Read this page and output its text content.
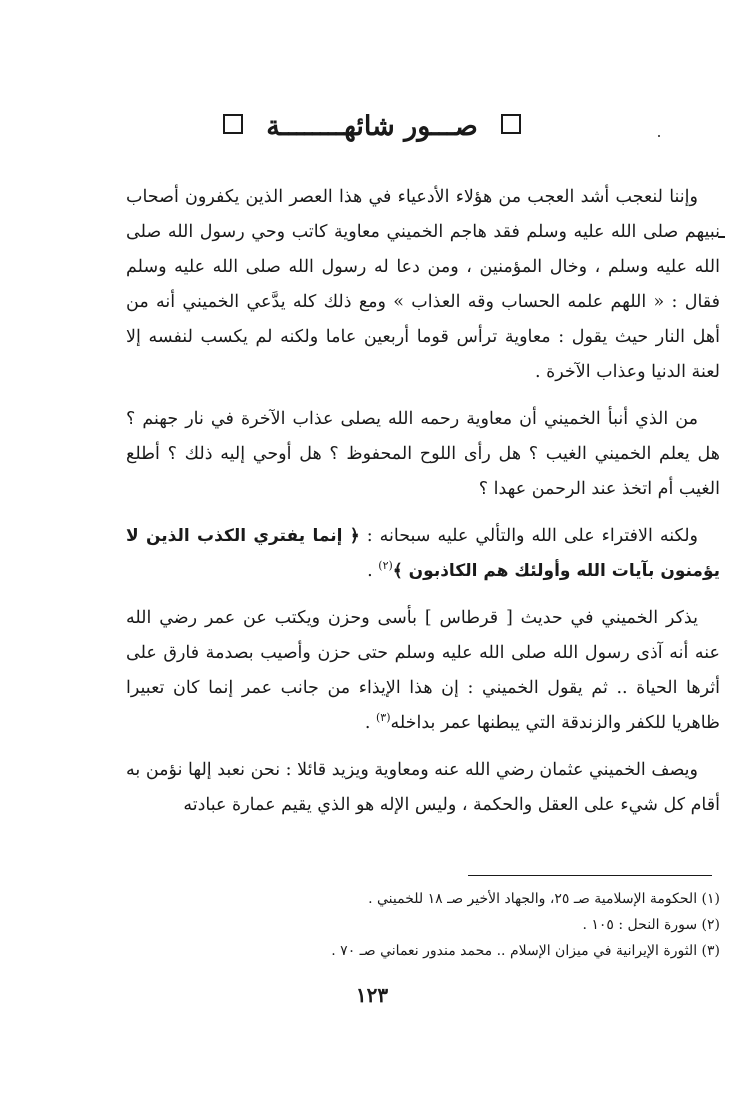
صـــور شائهــــــــة

وإننا لنعجب أشد العجب من هؤلاء الأدعياء في هذا العصر الذين يكفرون أصحاب نبيهم صلى الله عليه وسلم فقد هاجم الخميني معاوية كاتب وحي رسول الله صلى الله عليه وسلم ، وخال المؤمنين ، ومن دعا له رسول الله صلى الله عليه وسلم فقال : « اللهم علمه الحساب وقه العذاب » ومع ذلك كله يدَّعي الخميني أنه من أهل النار حيث يقول : معاوية ترأس قوما أربعين عاما ولكنه لم يكسب لنفسه إلا لعنة الدنيا وعذاب الآخرة .

من الذي أنبأ الخميني أن معاوية رحمه الله يصلى عذاب الآخرة في نار جهنم ؟ هل يعلم الخميني الغيب ؟ هل رأى اللوح المحفوظ ؟ هل أوحي إليه ذلك ؟ أطلع الغيب أم اتخذ عند الرحمن عهدا ؟

ولكنه الافتراء على الله والتألي عليه سبحانه : ﴿ إنما يفتري الكذب الذين لا يؤمنون بآيات الله وأولئك هم الكاذبون ﴾$^{(٢)}$ .

يذكر الخميني في حديث [ قرطاس ] بأسى وحزن ويكتب عن عمر رضي الله عنه أنه آذى رسول الله صلى الله عليه وسلم حتى حزن وأصيب بصدمة فارق على أثرها الحياة .. ثم يقول الخميني : إن هذا الإيذاء من جانب عمر إنما كان تعبيرا ظاهريا للكفر والزندقة التي يبطنها عمر بداخله$^{(٣)}$ .

ويصف الخميني عثمان رضي الله عنه ومعاوية ويزيد قائلا : نحن نعبد إلها نؤمن به أقام كل شيء على العقل والحكمة ، وليس الإله هو الذي يقيم عمارة عبادته

(١) الحكومة الإسلامية صـ ٢٥، والجهاد الأخير صـ ١٨ للخميني .
(٢) سورة النحل : ١٠٥ .
(٣) الثورة الإيرانية في ميزان الإسلام .. محمد مندور نعماني صـ ٧٠ .
١٢٣
